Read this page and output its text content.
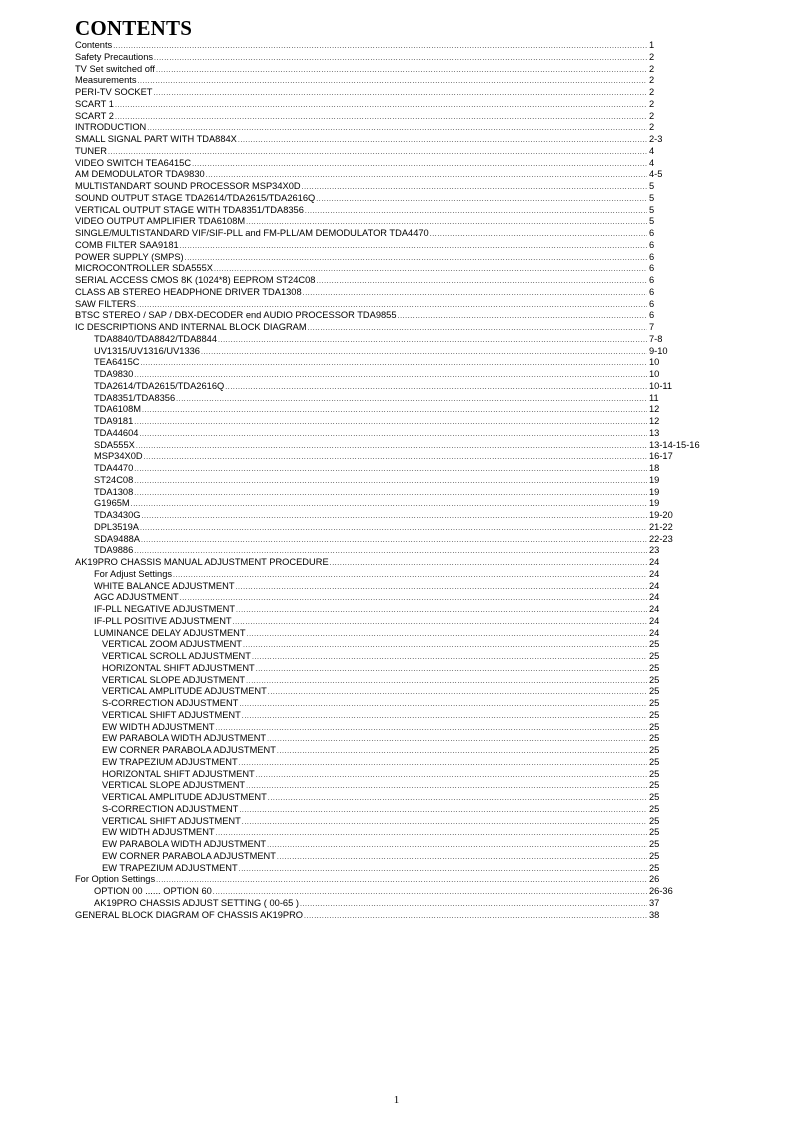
CONTENTS
Contents .....	1
Safety Precautions .....	2
TV Set switched off .....	2
Measurements .....	2
PERI-TV SOCKET .....	2
SCART 1 .....	2
SCART 2 .....	2
INTRODUCTION .....	2
SMALL SIGNAL PART WITH TDA884X .....	2-3
TUNER .....	4
VIDEO SWITCH TEA6415C .....	4
AM DEMODULATOR TDA9830 .....	4-5
MULTISTANDART SOUND PROCESSOR MSP34X0D .....	5
SOUND OUTPUT STAGE TDA2614/TDA2615/TDA2616Q .....	5
VERTICAL OUTPUT STAGE WITH TDA8351/TDA8356 .....	5
VIDEO OUTPUT AMPLIFIER TDA6108M .....	5
SINGLE/MULTISTANDARD VIF/SIF-PLL and FM-PLL/AM DEMODULATOR TDA4470 .....	6
COMB FILTER SAA9181 .....	6
POWER SUPPLY (SMPS) .....	6
MICROCONTROLLER SDA555X .....	6
SERIAL ACCESS CMOS 8K (1024*8) EEPROM ST24C08 .....	6
CLASS AB STEREO HEADPHONE DRIVER TDA1308 .....	6
SAW FILTERS .....	6
BTSC STEREO / SAP / DBX-DECODER end AUDIO PROCESSOR TDA9855 .....	6
IC DESCRIPTIONS AND INTERNAL BLOCK DIAGRAM .....	7
TDA8840/TDA8842/TDA8844 .....	7-8
UV1315/UV1316/UV1336 .....	9-10
TEA6415C .....	10
TDA9830 .....	10
TDA2614/TDA2615/TDA2616Q .....	10-11
TDA8351/TDA8356 .....	11
TDA6108M .....	12
TDA9181 .....	12
TDA44604 .....	13
SDA555X .....	13-14-15-16
MSP34X0D .....	16-17
TDA4470 .....	18
ST24C08 .....	19
TDA1308 .....	19
G1965M .....	19
TDA3430G .....	19-20
DPL3519A .....	21-22
SDA9488A .....	22-23
TDA9886 .....	23
AK19PRO CHASSIS MANUAL ADJUSTMENT PROCEDURE .....	24
For Adjust Settings .....	24
WHITE BALANCE ADJUSTMENT .....	24
AGC ADJUSTMENT .....	24
IF-PLL NEGATIVE ADJUSTMENT .....	24
IF-PLL POSITIVE ADJUSTMENT .....	24
LUMINANCE DELAY ADJUSTMENT .....	24
VERTICAL ZOOM ADJUSTMENT .....	25
VERTICAL SCROLL ADJUSTMENT .....	25
HORIZONTAL SHIFT ADJUSTMENT .....	25
VERTICAL SLOPE ADJUSTMENT .....	25
VERTICAL AMPLITUDE ADJUSTMENT .....	25
S-CORRECTION ADJUSTMENT .....	25
VERTICAL SHIFT ADJUSTMENT .....	25
EW WIDTH ADJUSTMENT .....	25
EW PARABOLA WIDTH ADJUSTMENT .....	25
EW CORNER PARABOLA ADJUSTMENT .....	25
EW TRAPEZIUM ADJUSTMENT .....	25
HORIZONTAL SHIFT ADJUSTMENT .....	25
VERTICAL SLOPE ADJUSTMENT .....	25
VERTICAL AMPLITUDE ADJUSTMENT .....	25
S-CORRECTION ADJUSTMENT .....	25
VERTICAL SHIFT ADJUSTMENT .....	25
EW WIDTH ADJUSTMENT .....	25
EW PARABOLA WIDTH ADJUSTMENT .....	25
EW CORNER PARABOLA ADJUSTMENT .....	25
EW TRAPEZIUM ADJUSTMENT .....	25
For Option Settings .....	26
OPTION 00 ...... OPTION 60 .....	26-36
AK19PRO CHASSIS ADJUST SETTING ( 00-65 ) .....	37
GENERAL BLOCK DIAGRAM OF CHASSIS AK19PRO .....	38
1
